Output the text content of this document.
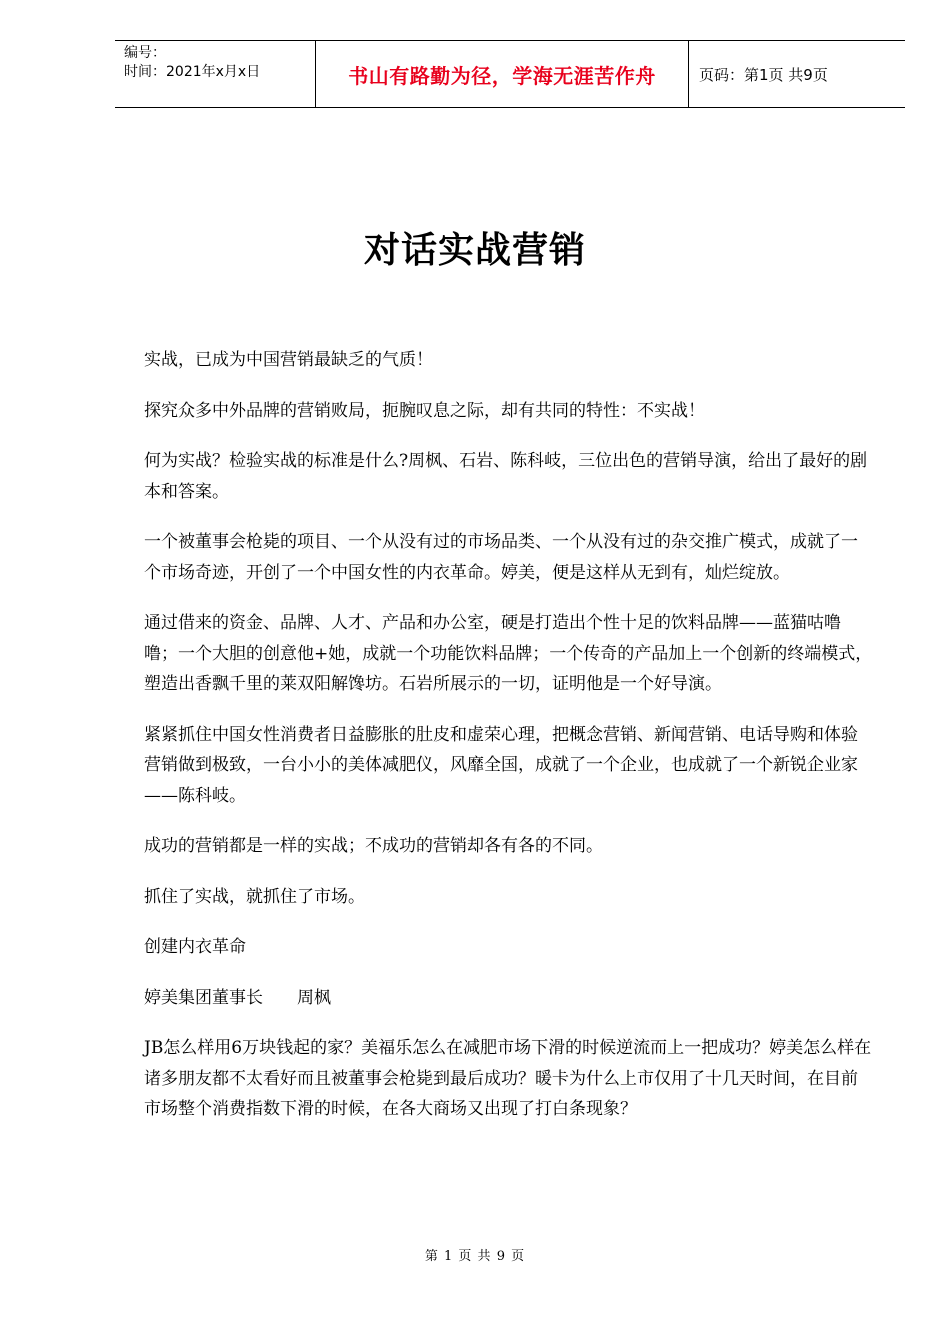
编号：
时间：2021年x月x日	书山有路勤为径，学海无涯苦作舟	页码：第1页 共9页
对话实战营销

实战，已成为中国营销最缺乏的气质！

探究众多中外品牌的营销败局，扼腕叹息之际，却有共同的特性：不实战！

何为实战？检验实战的标准是什么?周枫、石岩、陈科岐，三位出色的营销导演，给出了最好的剧本和答案。

一个被董事会枪毙的项目、一个从没有过的市场品类、一个从没有过的杂交推广模式，成就了一个市场奇迹，开创了一个中国女性的内衣革命。婷美，便是这样从无到有，灿烂绽放。

通过借来的资金、品牌、人才、产品和办公室，硬是打造出个性十足的饮料品牌——蓝猫咕噜噜；一个大胆的创意他+她，成就一个功能饮料品牌；一个传奇的产品加上一个创新的终端模式，塑造出香飘千里的莱双阳解馋坊。石岩所展示的一切，证明他是一个好导演。

紧紧抓住中国女性消费者日益膨胀的肚皮和虚荣心理，把概念营销、新闻营销、电话导购和体验营销做到极致，一台小小的美体减肥仪，风靡全国，成就了一个企业，也成就了一个新锐企业家——陈科岐。

成功的营销都是一样的实战；不成功的营销却各有各的不同。

抓住了实战，就抓住了市场。

创建内衣革命

婷美集团董事长　　周枫

JB怎么样用6万块钱起的家？美福乐怎么在减肥市场下滑的时候逆流而上一把成功？婷美怎么样在诸多朋友都不太看好而且被董事会枪毙到最后成功？暖卡为什么上市仅用了十几天时间，在目前市场整个消费指数下滑的时候，在各大商场又出现了打白条现象？

第 1 页 共 9 页
